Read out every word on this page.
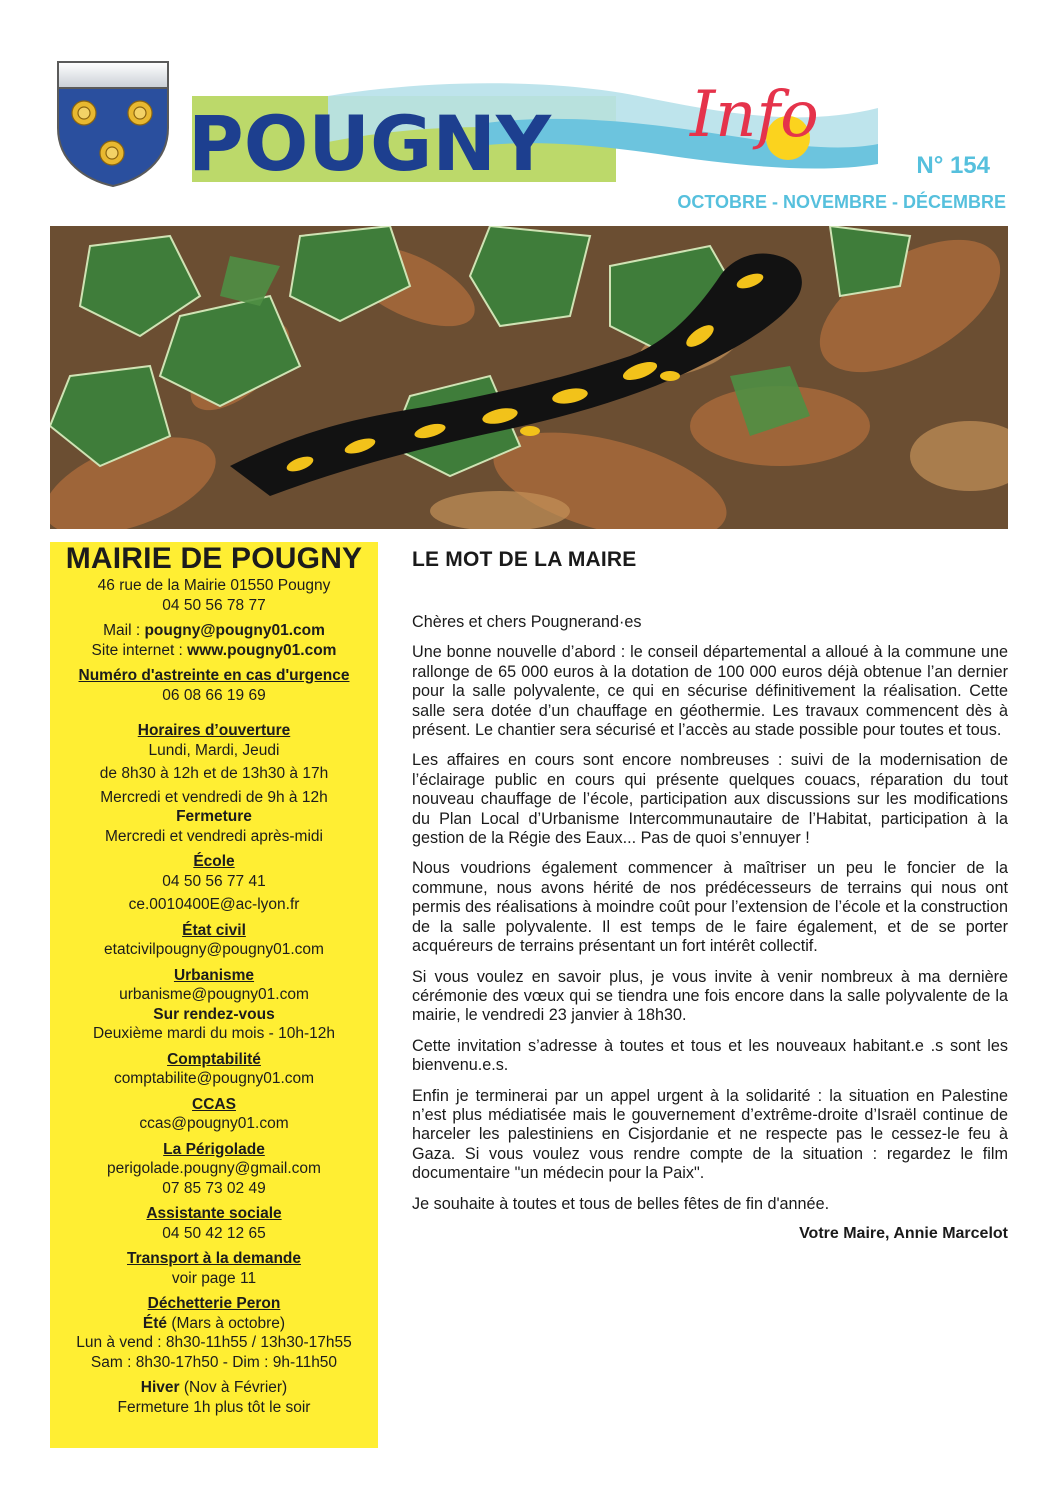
POUGNY Info
N° 154
OCTOBRE - NOVEMBRE - DÉCEMBRE
MAIRIE DE POUGNY
46 rue de la Mairie 01550 Pougny
04 50 56 78 77
Mail : pougny@pougny01.com
Site internet : www.pougny01.com
Numéro d'astreinte en cas d'urgence
06 08 66 19 69
Horaires d’ouverture
Lundi, Mardi, Jeudi
de 8h30 à 12h et de 13h30 à 17h
Mercredi et vendredi de 9h à 12h
Fermeture
Mercredi et vendredi après-midi
École
04 50 56 77 41
ce.0010400E@ac-lyon.fr
État civil
etatcivilpougny@pougny01.com
Urbanisme
urbanisme@pougny01.com
Sur rendez-vous
Deuxième mardi du mois - 10h-12h
Comptabilité
comptabilite@pougny01.com
CCAS
ccas@pougny01.com
La Périgolade
perigolade.pougny@gmail.com
07 85 73 02 49
Assistante sociale
04 50 42 12 65
Transport à la demande
voir page 11
Déchetterie Peron
Été (Mars à octobre)
Lun à vend : 8h30-11h55 / 13h30-17h55
Sam : 8h30-17h50 - Dim : 9h-11h50
Hiver (Nov à Février)
Fermeture 1h plus tôt le soir
LE MOT DE LA MAIRE

Chères et chers Pougnerand·es

Une bonne nouvelle d’abord : le conseil départemental a alloué à la commune une rallonge de 65 000 euros à la dotation de 100 000 euros déjà obtenue l’an dernier pour la salle polyvalente, ce qui en sécurise définitivement la réalisation. Cette salle sera dotée d’un chauffage en géothermie. Les travaux commencent dès à présent. Le chantier sera sécurisé et l’accès au stade possible pour toutes et tous.

Les affaires en cours sont encore nombreuses : suivi de la modernisation de l’éclairage public en cours qui présente quelques couacs, réparation du tout nouveau chauffage de l’école, participation aux discussions sur les modifications du Plan Local d’Urbanisme Intercommunautaire de l’Habitat, participation à la gestion de la Régie des Eaux... Pas de quoi s’ennuyer !

Nous voudrions également commencer à maîtriser un peu le foncier de la commune, nous avons hérité de nos prédécesseurs de terrains qui nous ont permis des réalisations à moindre coût pour l’extension de l’école et la construction de la salle polyvalente. Il est temps de le faire également, et de se porter acquéreurs de terrains présentant un fort intérêt collectif.

Si vous voulez en savoir plus, je vous invite à venir nombreux à ma dernière cérémonie des vœux qui se tiendra une fois encore dans la salle polyvalente de la mairie, le vendredi 23 janvier à 18h30.

Cette invitation s’adresse à toutes et tous et les nouveaux habitant.e .s sont les bienvenu.e.s.

Enfin je terminerai par un appel urgent à la solidarité : la situation en Palestine n’est plus médiatisée mais le gouvernement d’extrême-droite d’Israël continue de harceler les palestiniens en Cisjordanie et ne respecte pas le cessez-le feu à Gaza. Si vous voulez vous rendre compte de la situation : regardez le film documentaire "un médecin pour la Paix".

Je souhaite à toutes et tous de belles fêtes de fin d'année.

Votre Maire, Annie Marcelot
